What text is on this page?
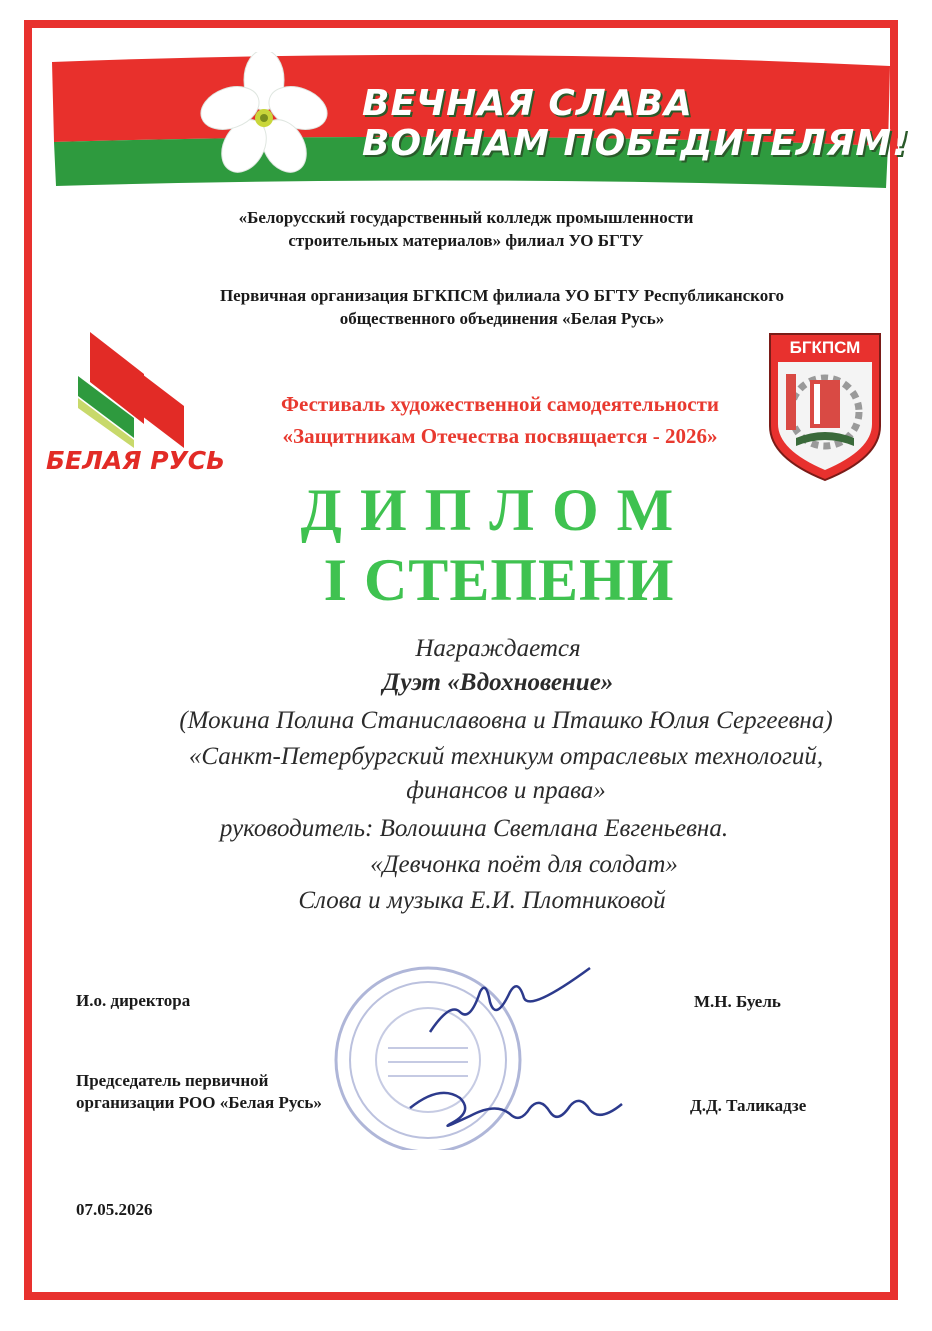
ВЕЧНАЯ СЛАВА
ВОИНАМ ПОБЕДИТЕЛЯМ!
«Белорусский государственный колледж промышленности
строительных материалов» филиал УО БГТУ
Первичная организация БГКПСМ филиала УО БГТУ Республиканского
общественного объединения «Белая Русь»
БЕЛАЯ РУСЬ
БГКПСМ
Фестиваль художественной самодеятельности
«Защитникам Отечества посвящается - 2026»
ДИПЛОМ
I СТЕПЕНИ
Награждается
Дуэт «Вдохновение»
(Мокина Полина Станиславовна и Пташко Юлия Сергеевна)
«Санкт-Петербургский техникум отраслевых технологий,
финансов и права»
руководитель: Волошина Светлана Евгеньевна.
«Девчонка поёт для солдат»
Слова и музыка Е.И. Плотниковой
И.о. директора	М.Н. Буель
Председатель первичной
организации РОО «Белая Русь»	Д.Д. Таликадзе
07.05.2026
